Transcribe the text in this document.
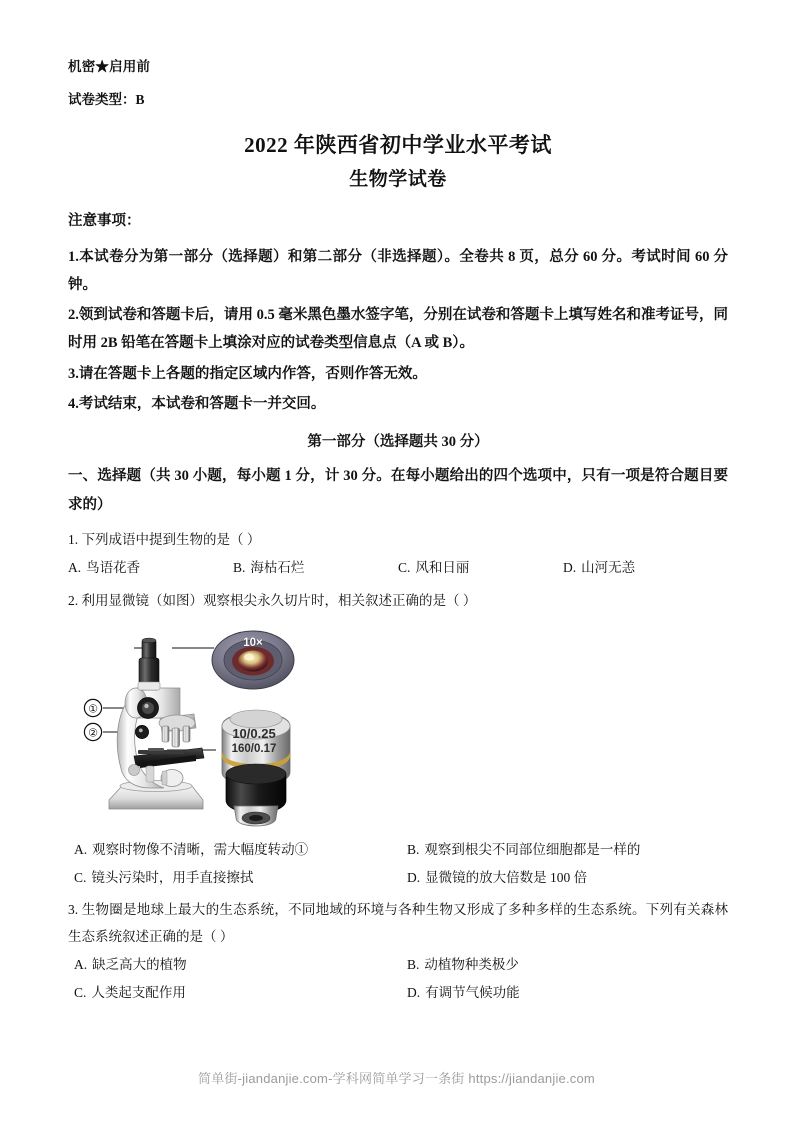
机密★启用前
试卷类型：B
2022 年陕西省初中学业水平考试
生物学试卷
注意事项：

1.本试卷分为第一部分（选择题）和第二部分（非选择题）。全卷共 8 页，总分 60 分。考试时间 60 分钟。

2.领到试卷和答题卡后，请用 0.5 毫米黑色墨水签字笔，分别在试卷和答题卡上填写姓名和准考证号，同时用 2B 铅笔在答题卡上填涂对应的试卷类型信息点（A 或 B）。

3.请在答题卡上各题的指定区域内作答，否则作答无效。

4.考试结束，本试卷和答题卡一并交回。

第一部分（选择题共 30 分）

一、选择题（共 30 小题，每小题 1 分，计 30 分。在每小题给出的四个选项中，只有一项是符合题目要求的）

1. 下列成语中提到生物的是（ ）

A. 鸟语花香	B. 海枯石烂	C. 风和日丽	D. 山河无恙

2. 利用显微镜（如图）观察根尖永久切片时，相关叙述正确的是（ ）

①
②
10×
10/0.25
160/0.17
A. 观察时物像不清晰，需大幅度转动①	B. 观察到根尖不同部位细胞都是一样的
C. 镜头污染时，用手直接擦拭	D. 显微镜的放大倍数是 100 倍

3. 生物圈是地球上最大的生态系统，不同地域的环境与各种生物又形成了多种多样的生态系统。下列有关森林生态系统叙述正确的是（ ）

A. 缺乏高大的植物	B. 动植物种类极少
C. 人类起支配作用	D. 有调节气候功能
简单街-jiandanjie.com-学科网简单学习一条街 https://jiandanjie.com
